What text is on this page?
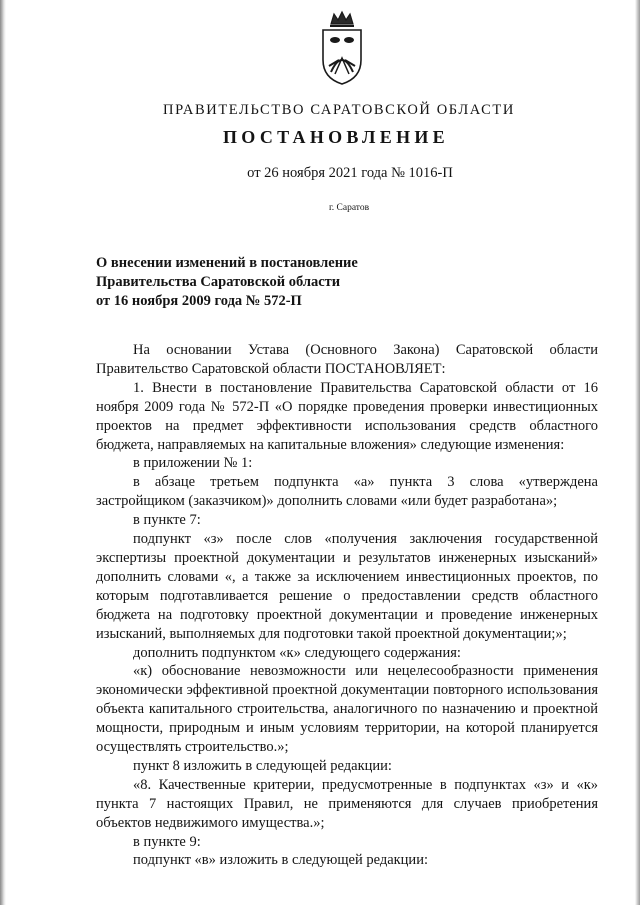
ПРАВИТЕЛЬСТВО САРАТОВСКОЙ ОБЛАСТИ
ПОСТАНОВЛЕНИЕ
от 26 ноября 2021 года № 1016-П
г. Саратов
О внесении изменений в постановление
Правительства Саратовской области
от 16 ноября 2009 года № 572-П

На основании Устава (Основного Закона) Саратовской области Правительство Саратовской области ПОСТАНОВЛЯЕТ:

1. Внести в постановление Правительства Саратовской области от 16 ноября 2009 года № 572-П «О порядке проведения проверки инвестиционных проектов на предмет эффективности использования средств областного бюджета, направляемых на капитальные вложения» следующие изменения:

в приложении № 1:

в абзаце третьем подпункта «а» пункта 3 слова «утверждена застройщиком (заказчиком)» дополнить словами «или будет разработана»;

в пункте 7:

подпункт «з» после слов «получения заключения государственной экспертизы проектной документации и результатов инженерных изысканий» дополнить словами «, а также за исключением инвестиционных проектов, по которым подготавливается решение о предоставлении средств областного бюджета на подготовку проектной документации и проведение инженерных изысканий, выполняемых для подготовки такой проектной документации;»;

дополнить подпунктом «к» следующего содержания:

«к) обоснование невозможности или нецелесообразности применения экономически эффективной проектной документации повторного использования объекта капитального строительства, аналогичного по назначению и проектной мощности, природным и иным условиям территории, на которой планируется осуществлять строительство.»;

пункт 8 изложить в следующей редакции:

«8. Качественные критерии, предусмотренные в подпунктах «з» и «к» пункта 7 настоящих Правил, не применяются для случаев приобретения объектов недвижимого имущества.»;

в пункте 9:

подпункт «в» изложить в следующей редакции:
